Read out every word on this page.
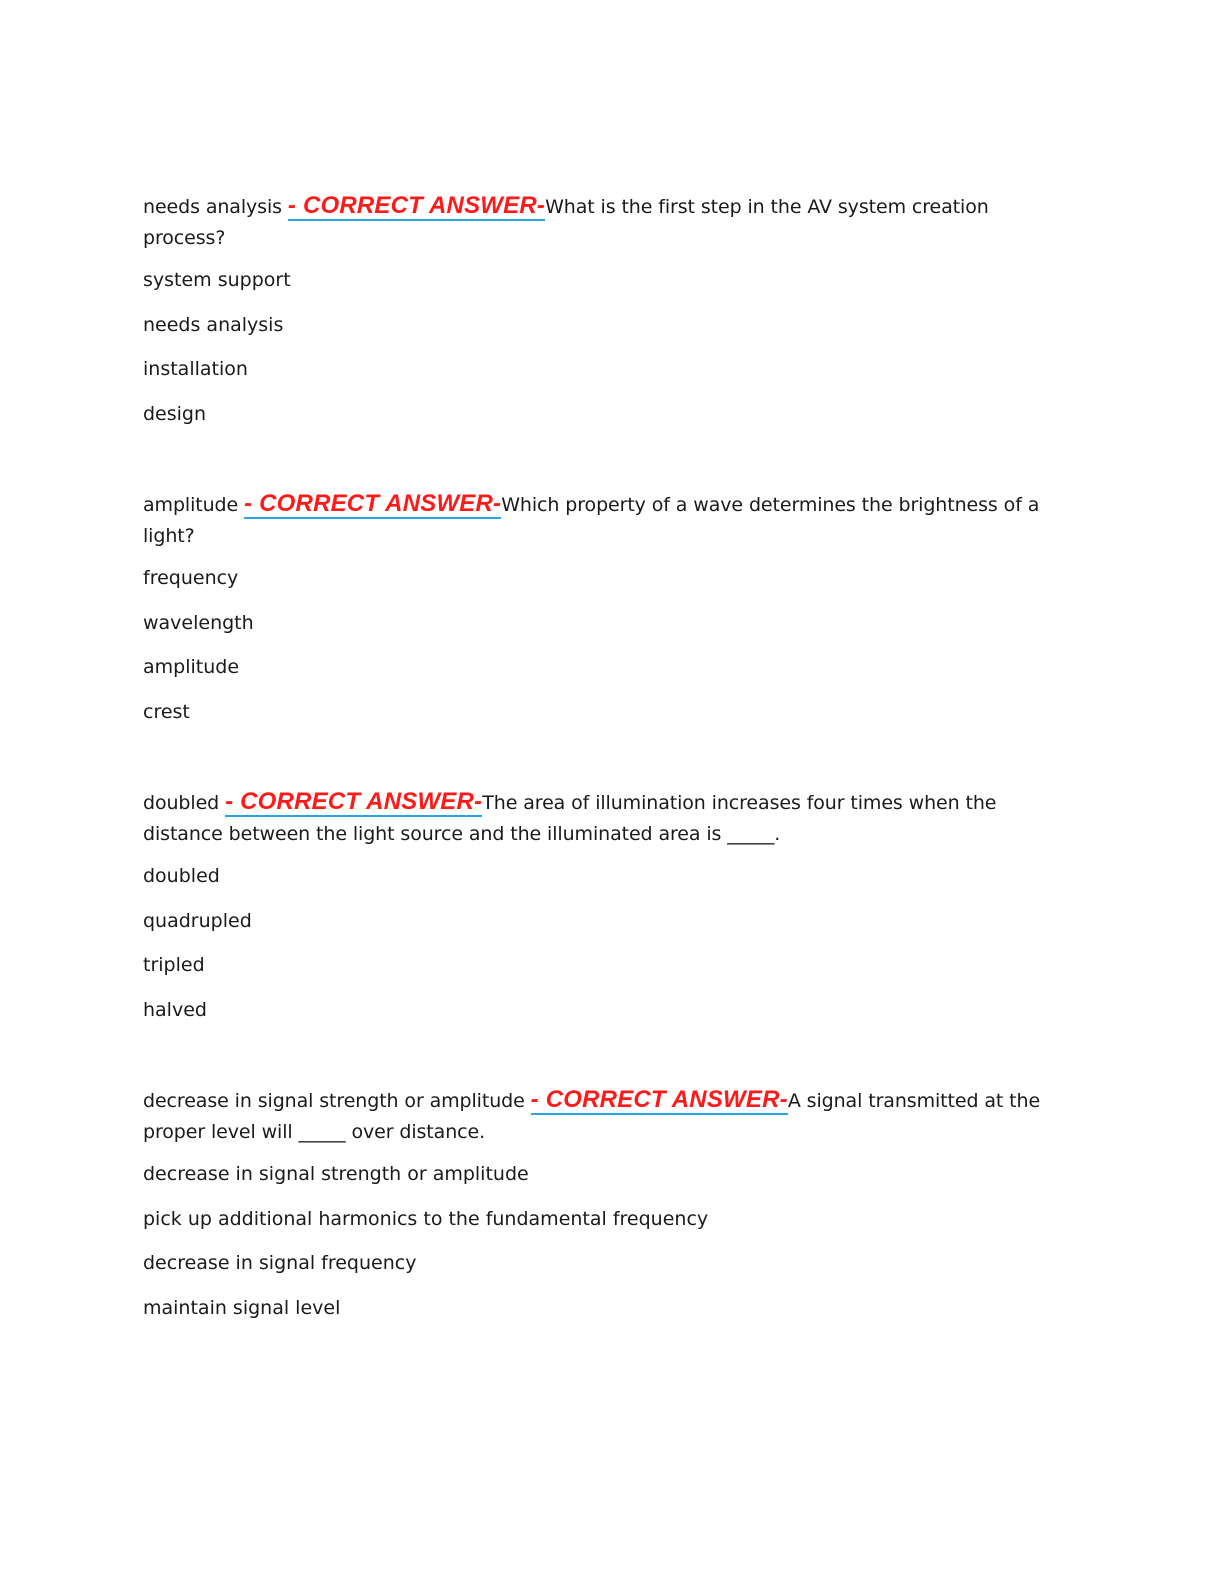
needs analysis - CORRECT ANSWER-What is the first step in the AV system creation process?

system support
needs analysis
installation
design

amplitude - CORRECT ANSWER-Which property of a wave determines the brightness of a light?

frequency
wavelength
amplitude
crest

doubled - CORRECT ANSWER-The area of illumination increases four times when the distance between the light source and the illuminated area is _____.

doubled
quadrupled
tripled
halved

decrease in signal strength or amplitude - CORRECT ANSWER-A signal transmitted at the proper level will _____ over distance.

decrease in signal strength or amplitude
pick up additional harmonics to the fundamental frequency
decrease in signal frequency
maintain signal level
